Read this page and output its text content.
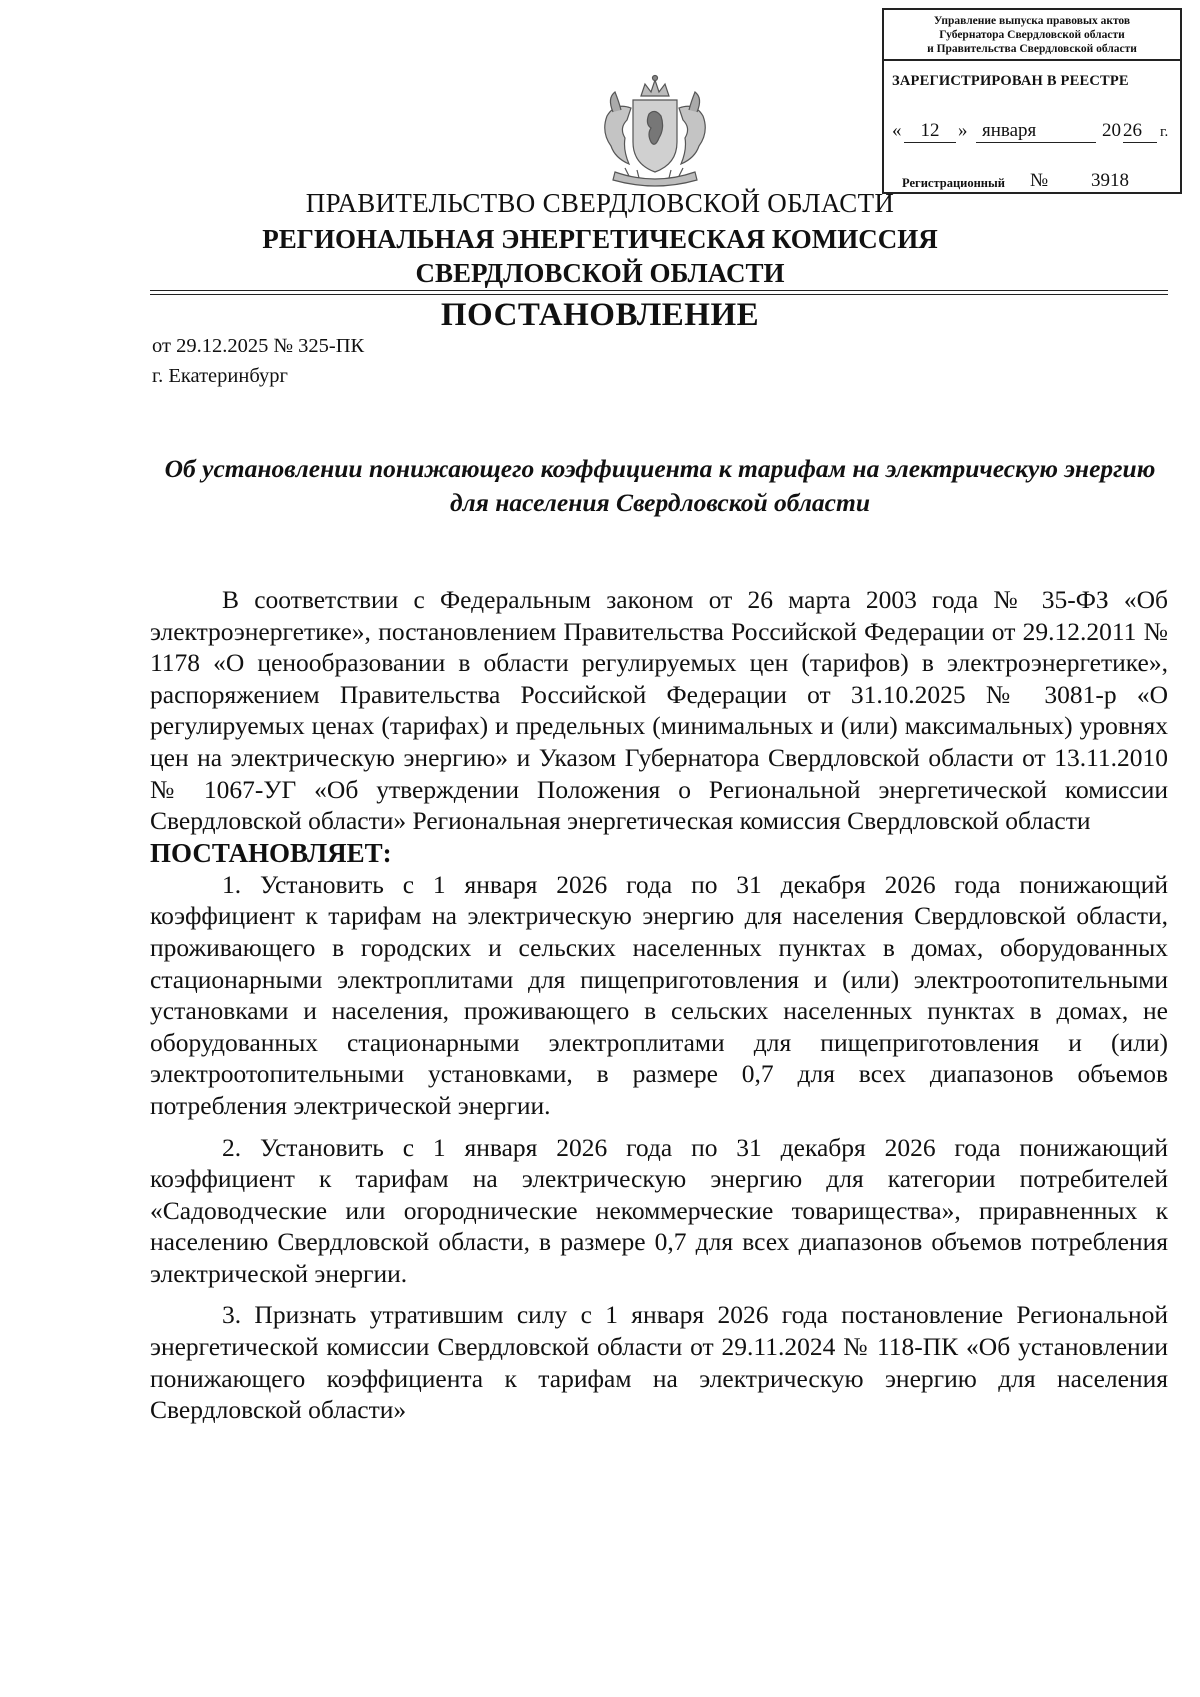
Управление выпуска правовых актов
Губернатора Свердловской области
и Правительства Свердловской области
ЗАРЕГИСТРИРОВАН В РЕЕСТРЕ
«	12 » января	20 26	г.
Регистрационный №	3918
ПРАВИТЕЛЬСТВО СВЕРДЛОВСКОЙ ОБЛАСТИ
РЕГИОНАЛЬНАЯ ЭНЕРГЕТИЧЕСКАЯ КОМИССИЯ
СВЕРДЛОВСКОЙ ОБЛАСТИ
ПОСТАНОВЛЕНИЕ
от 29.12.2025 № 325-ПК
г. Екатеринбург
Об установлении понижающего коэффициента к тарифам на электрическую энергию для населения Свердловской области

В соответствии с Федеральным законом от 26 марта 2003 года № 35-ФЗ «Об электроэнергетике», постановлением Правительства Российской Федерации от 29.12.2011 № 1178 «О ценообразовании в области регулируемых цен (тарифов) в электроэнергетике», распоряжением Правительства Российской Федерации от 31.10.2025 № 3081-р «О регулируемых ценах (тарифах) и предельных (минимальных и (или) максимальных) уровнях цен на электрическую энергию» и Указом Губернатора Свердловской области от 13.11.2010 № 1067-УГ «Об утверждении Положения о Региональной энергетической комиссии Свердловской области» Региональная энергетическая комиссия Свердловской области

ПОСТАНОВЛЯЕТ:

1. Установить с 1 января 2026 года по 31 декабря 2026 года понижающий коэффициент к тарифам на электрическую энергию для населения Свердловской области, проживающего в городских и сельских населенных пунктах в домах, оборудованных стационарными электроплитами для пищеприготовления и (или) электроотопительными установками и населения, проживающего в сельских населенных пунктах в домах, не оборудованных стационарными электроплитами для пищеприготовления и (или) электроотопительными установками, в размере 0,7 для всех диапазонов объемов потребления электрической энергии.

2. Установить с 1 января 2026 года по 31 декабря 2026 года понижающий коэффициент к тарифам на электрическую энергию для категории потребителей «Садоводческие или огороднические некоммерческие товарищества», приравненных к населению Свердловской области, в размере 0,7 для всех диапазонов объемов потребления электрической энергии.

3. Признать утратившим силу с 1 января 2026 года постановление Региональной энергетической комиссии Свердловской области от 29.11.2024 № 118-ПК «Об установлении понижающего коэффициента к тарифам на электрическую энергию для населения Свердловской области»
